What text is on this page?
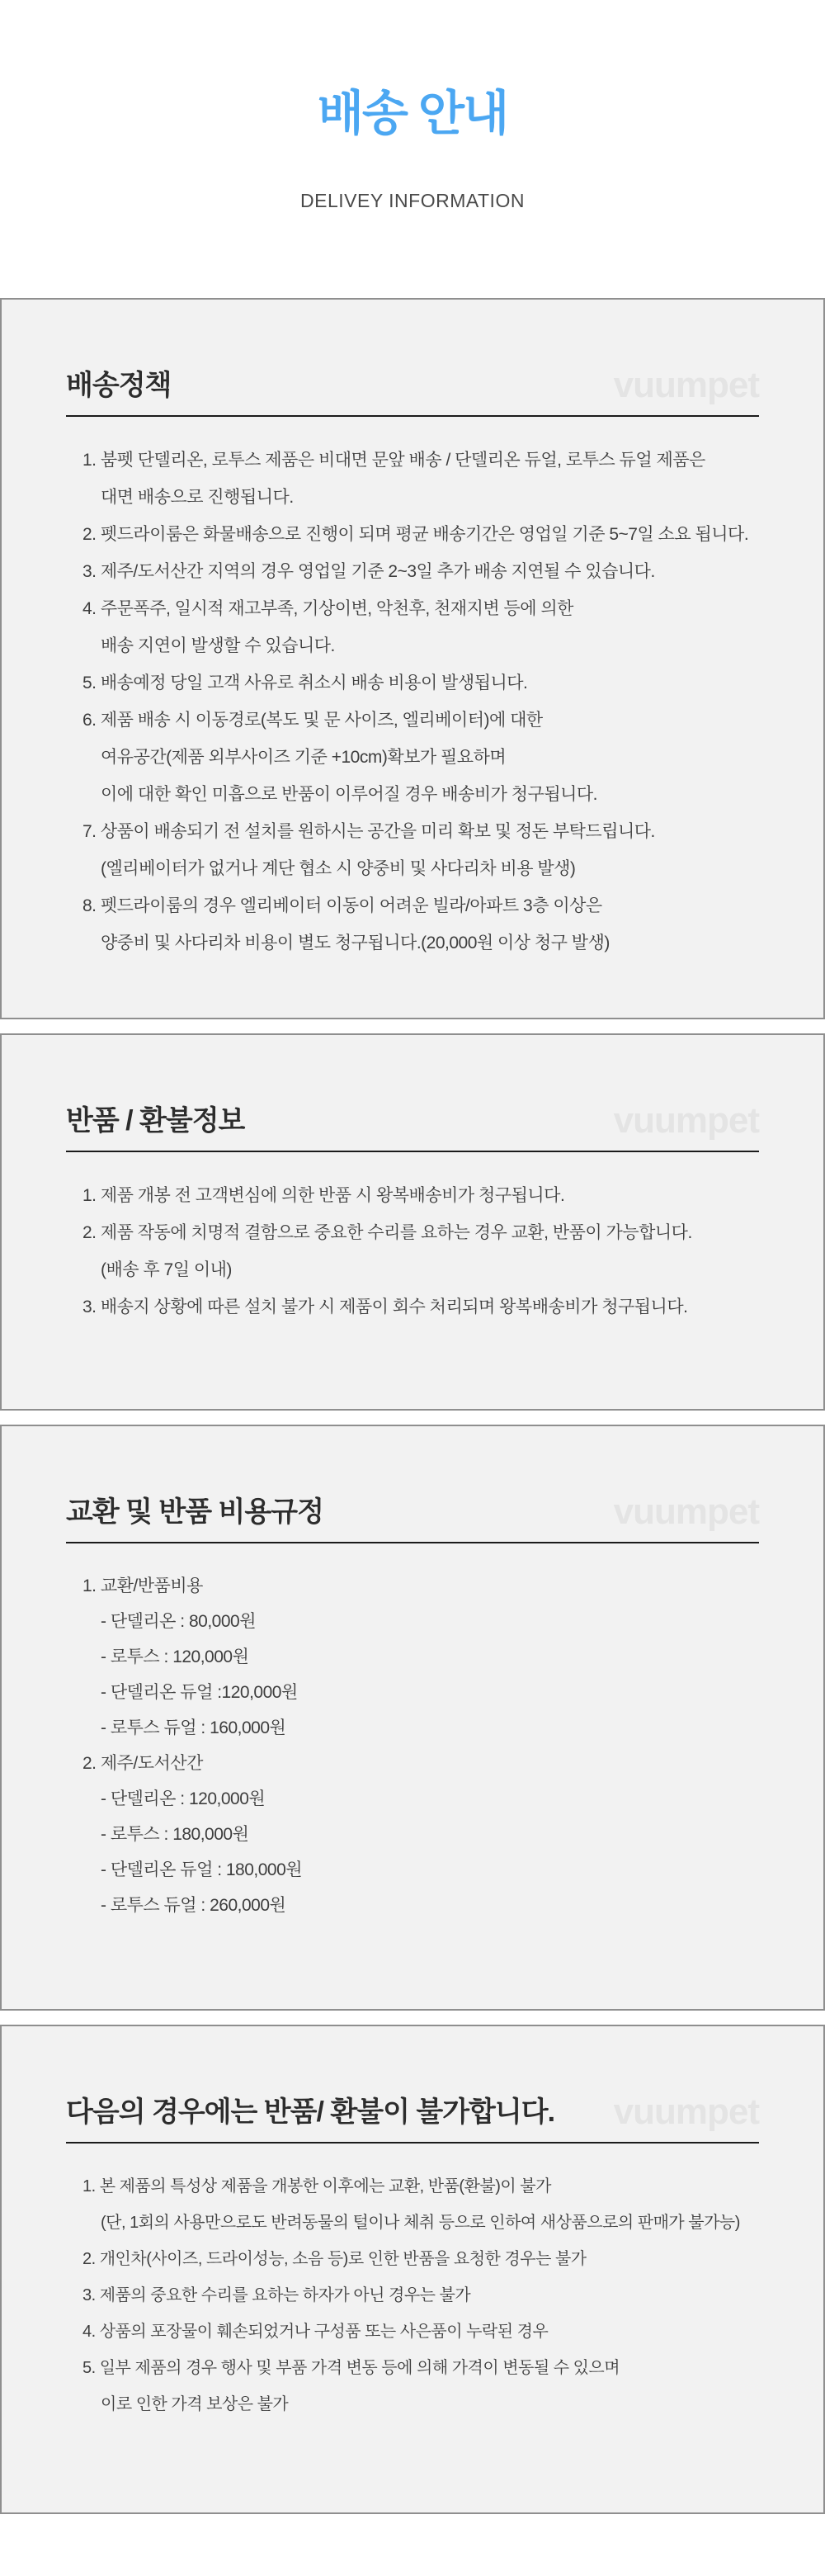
배송 안내
DELIVEY INFORMATION
배송정책	vuumpet
1. 붐펫 단델리온, 로투스 제품은 비대면 문앞 배송 / 단델리온 듀얼, 로투스 듀얼 제품은
대면 배송으로 진행됩니다.
2. 펫드라이룸은 화물배송으로 진행이 되며 평균 배송기간은 영업일 기준 5~7일 소요 됩니다.
3. 제주/도서산간 지역의 경우 영업일 기준 2~3일 추가 배송 지연될 수 있습니다.
4. 주문폭주, 일시적 재고부족, 기상이변, 악천후, 천재지변 등에 의한
배송 지연이 발생할 수 있습니다.
5. 배송예정 당일 고객 사유로 취소시 배송 비용이 발생됩니다.
6. 제품 배송 시 이동경로(복도 및 문 사이즈, 엘리베이터)에 대한
여유공간(제품 외부사이즈 기준 +10cm)확보가 필요하며
이에 대한 확인 미흡으로 반품이 이루어질 경우 배송비가 청구됩니다.
7. 상품이 배송되기 전 설치를 원하시는 공간을 미리 확보 및 정돈 부탁드립니다.
(엘리베이터가 없거나 계단 협소 시 양중비 및 사다리차 비용 발생)
8. 펫드라이룸의 경우 엘리베이터 이동이 어려운 빌라/아파트 3층 이상은
양중비 및 사다리차 비용이 별도 청구됩니다.(20,000원 이상 청구 발생)
반품 / 환불정보	vuumpet
1. 제품 개봉 전 고객변심에 의한 반품 시 왕복배송비가 청구됩니다.
2. 제품 작동에 치명적 결함으로 중요한 수리를 요하는 경우 교환, 반품이 가능합니다.
(배송 후 7일 이내)
3. 배송지 상황에 따른 설치 불가 시 제품이 회수 처리되며 왕복배송비가 청구됩니다.
교환 및 반품 비용규정	vuumpet
1. 교환/반품비용
- 단델리온 : 80,000원
- 로투스 : 120,000원
- 단델리온 듀얼 :120,000원
- 로투스 듀얼 : 160,000원
2. 제주/도서산간
- 단델리온 : 120,000원
- 로투스 : 180,000원
- 단델리온 듀얼 : 180,000원
- 로투스 듀얼 : 260,000원
다음의 경우에는 반품/ 환불이 불가합니다. vuumpet
1. 본 제품의 특성상 제품을 개봉한 이후에는 교환, 반품(환불)이 불가
(단, 1회의 사용만으로도 반려동물의 털이나 체취 등으로 인하여 새상품으로의 판매가 불가능)
2. 개인차(사이즈, 드라이성능, 소음 등)로 인한 반품을 요청한 경우는 불가
3. 제품의 중요한 수리를 요하는 하자가 아닌 경우는 불가
4. 상품의 포장물이 훼손되었거나 구성품 또는 사은품이 누락된 경우
5. 일부 제품의 경우 행사 및 부품 가격 변동 등에 의해 가격이 변동될 수 있으며
이로 인한 가격 보상은 불가
